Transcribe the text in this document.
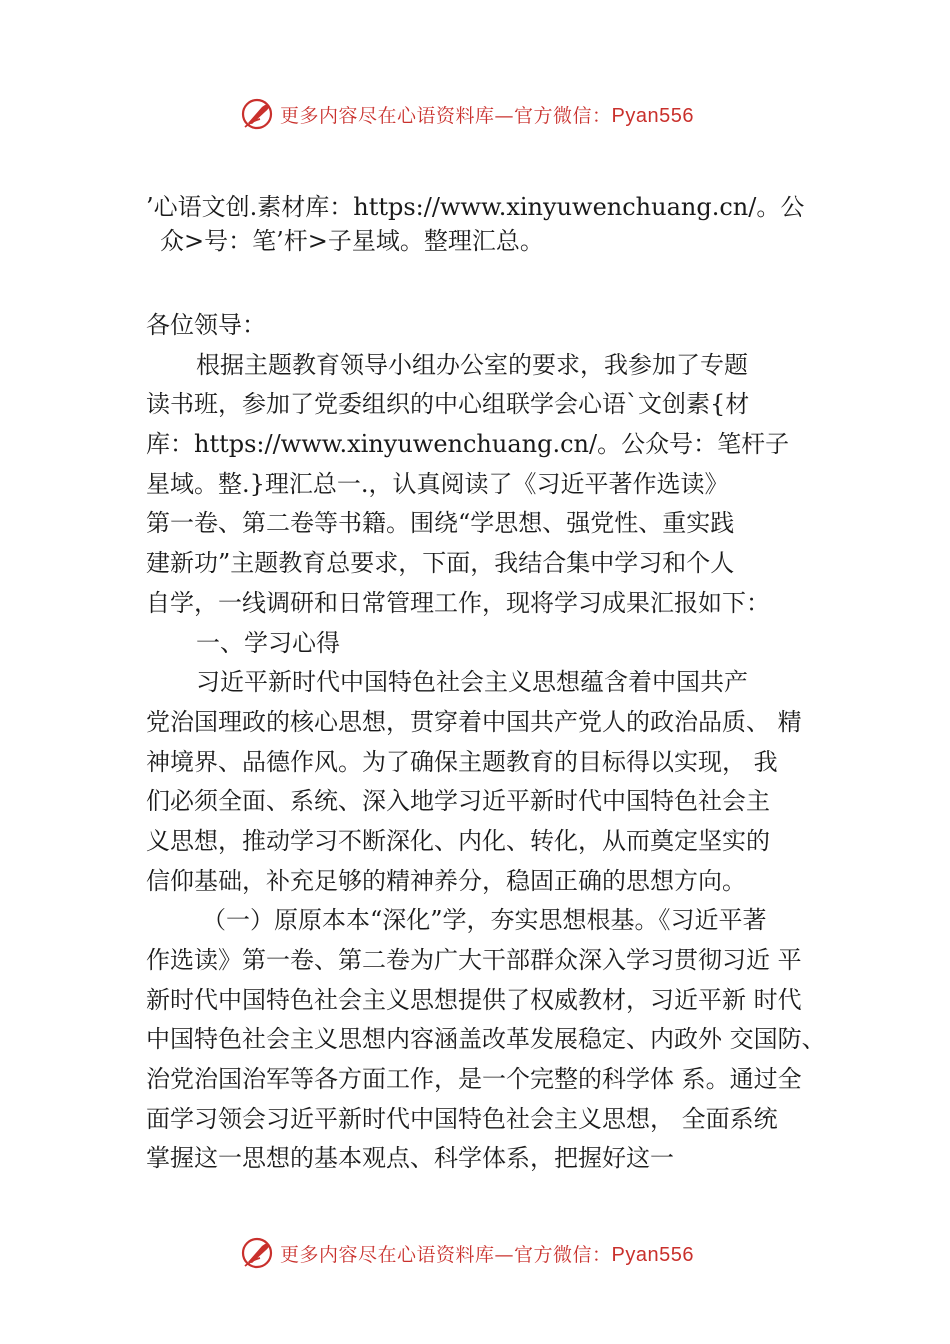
更多内容尽在心语资料库—官方微信：Pyan556
’心语文创.素材库：https://www.xinyuwenchuang.cn/。公
众>号：笔’杆>子星域。整理汇总。
各位领导：
根据主题教育领导小组办公室的要求，我参加了专题
读书班，参加了党委组织的中心组联学会心语`文创素{材
库：https://www.xinyuwenchuang.cn/。公众号：笔杆子
星域。整.}理汇总一.，认真阅读了《习近平著作选读》
第一卷、第二卷等书籍。围绕“学思想、强党性、重实践
建新功”主题教育总要求，下面，我结合集中学习和个人
自学，一线调研和日常管理工作，现将学习成果汇报如下：
一、学习心得
习近平新时代中国特色社会主义思想蕴含着中国共产
党治国理政的核心思想，贯穿着中国共产党人的政治品质、 精
神境界、品德作风。为了确保主题教育的目标得以实现， 我
们必须全面、系统、深入地学习近平新时代中国特色社会主
义思想，推动学习不断深化、内化、转化，从而奠定坚实的
信仰基础，补充足够的精神养分，稳固正确的思想方向。
（一）原原本本“深化”学，夯实思想根基。《习近平著
作选读》第一卷、第二卷为广大干部群众深入学习贯彻习近 平
新时代中国特色社会主义思想提供了权威教材，习近平新 时代
中国特色社会主义思想内容涵盖改革发展稳定、内政外 交国防、
治党治国治军等各方面工作，是一个完整的科学体 系。通过全
面学习领会习近平新时代中国特色社会主义思想， 全面系统
掌握这一思想的基本观点、科学体系，把握好这一
更多内容尽在心语资料库—官方微信：Pyan556
